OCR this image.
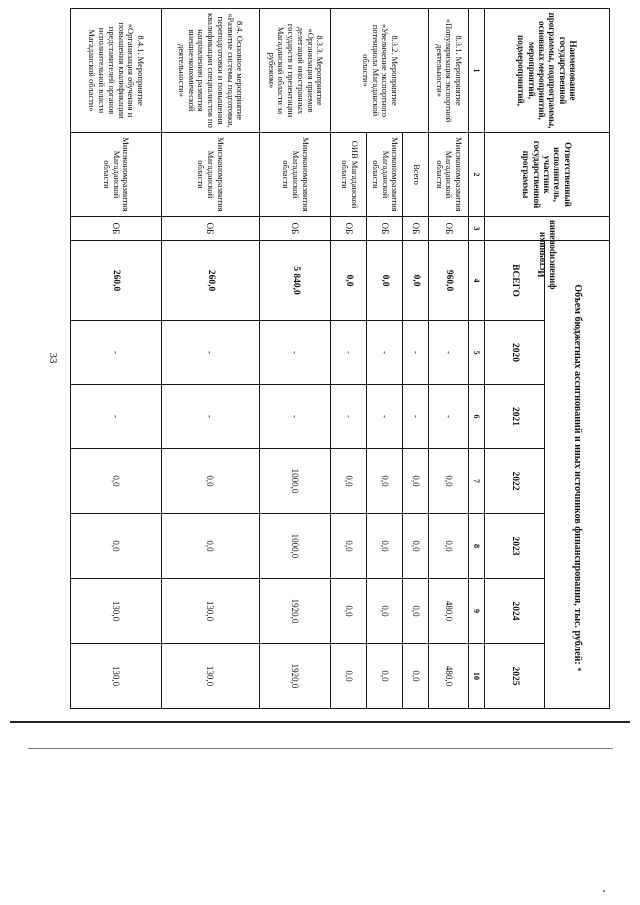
33
Наименование государственной программы, подпрограммы, основных мероприятий, мероприятий, подмероприятий,	Ответственный исполнитель, участник государственной программы	Источники финансирования	Объем бюджетных ассигнований и иных источников финансирования, тыс. рублей:						
			ВСЕГО	2020	2021	2022	2023	2024	2025
1	2	3	4	5	6	7	8	9	10
8.3.1. Мероприятие «Популяризация экспортной деятельности»	Минэкономразвития Магаданской области	ОБ	960,0	-	-	0,0	0,0	480,0	480,0
8.3.2. Мероприятие «Увеличение экспортного потенциала Магаданской области»	Всего	ОБ	0,0	-	-	0,0	0,0	0,0	0,0
	Минэкономразвития Магаданской области	ОБ	0,0	-	-	0,0	0,0	0,0	0,0
	ОИВ Магаданской области	ОБ	0,0	-	-	0,0	0,0	0,0	0,0
8.3.3. Мероприятие «Организация приемов делегаций иностранных государств и презентации Магаданской области за рубежом»	Минэкономразвития Магаданской области	ОБ	5 840,0	-	-	1000,0	1000,0	1920,0	1920,0
8.4. Основное мероприятие «Развитие системы подготовки, переподготовки и повышения квалификации специалистов по направлению развития внешнеэкономической деятельности»	Минэкономразвития Магаданской области	ОБ	260,0	-	-	0,0	0,0	130,0	130,0
8.4.1. Мероприятие «Организация обучения и повышения квалификации представителей органов исполнительной власти Магаданской области»	Минэкономразвития Магаданской области	ОБ	260,0	-	-	0,0	0,0	130,0	130,0
